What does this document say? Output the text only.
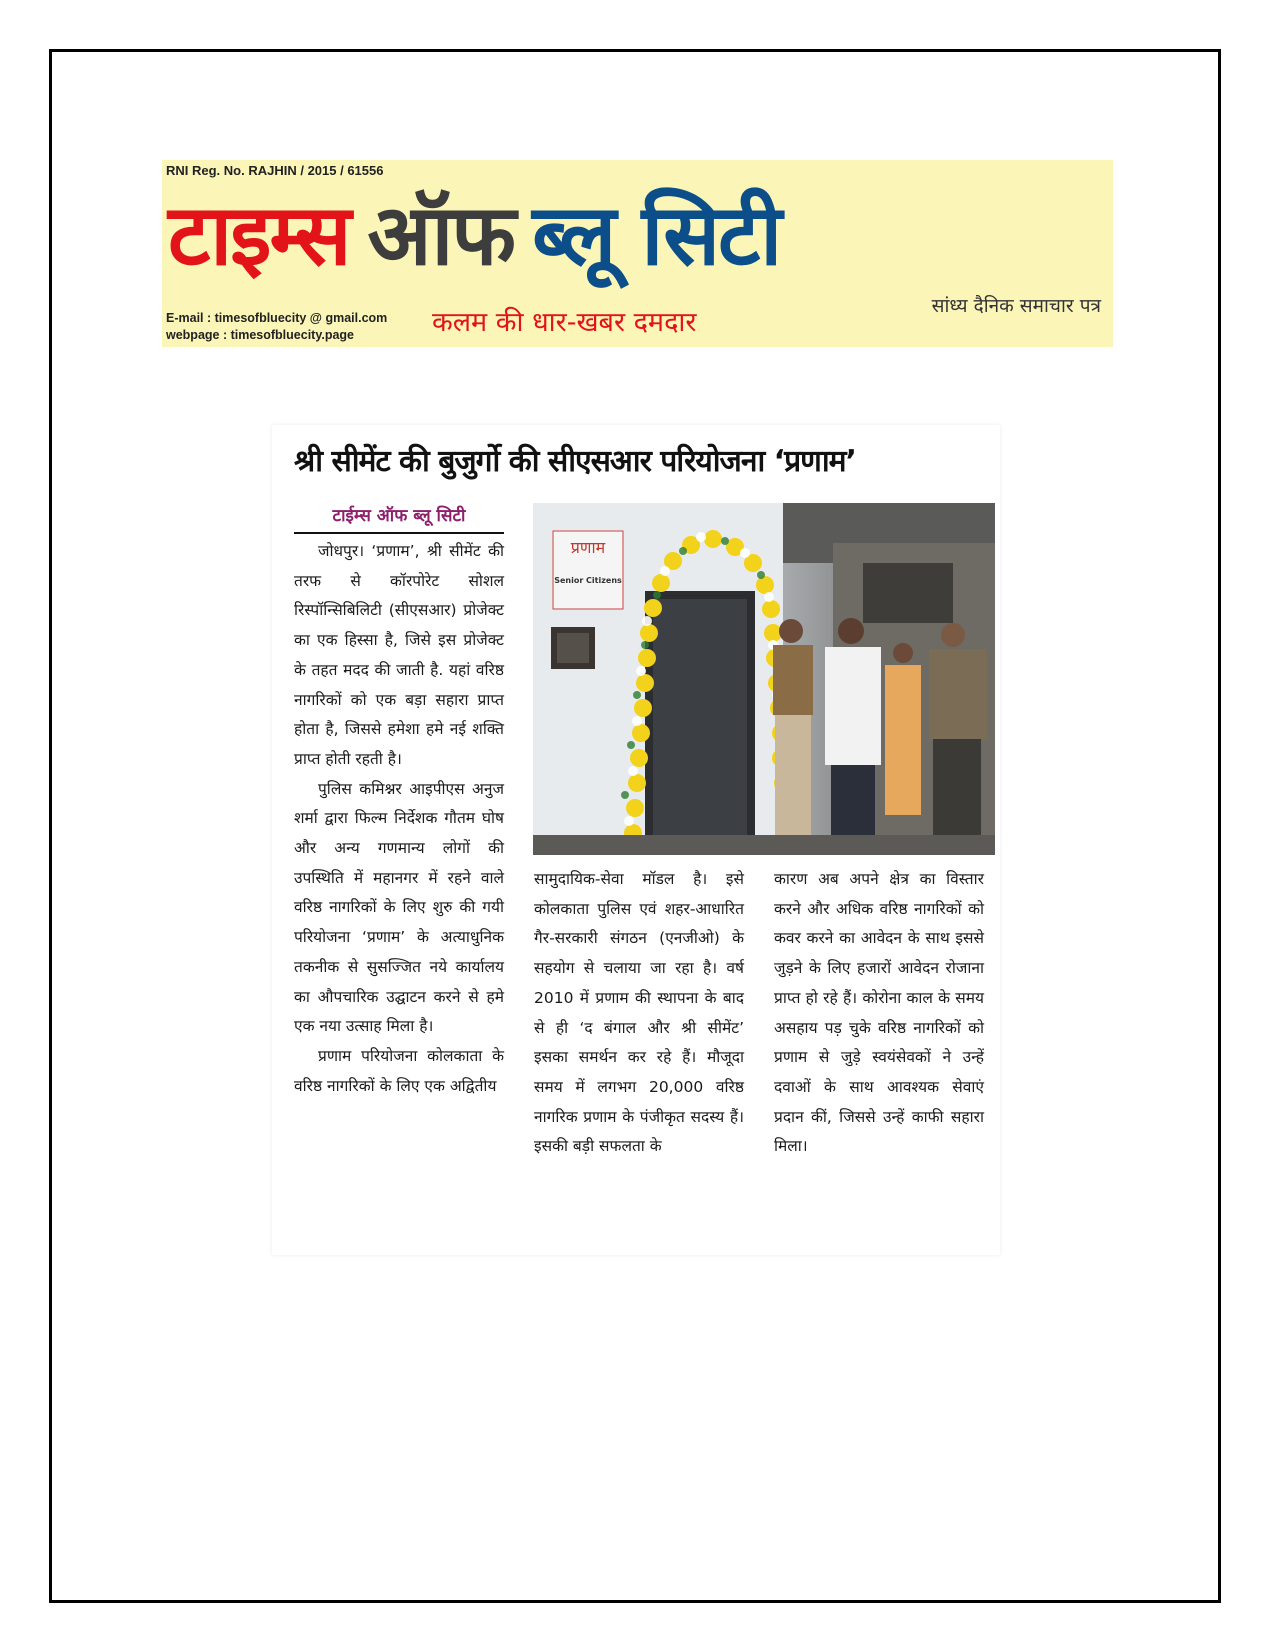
RNI Reg. No. RAJHIN / 2015 / 61556
टाइम्स ऑफ ब्लू सिटी
सांध्य दैनिक समाचार पत्र
E-mail : timesofbluecity @ gmail.com
webpage : timesofbluecity.page	कलम की धार-खबर दमदार
श्री सीमेंट की बुजुर्गो की सीएसआर परियोजना ‘प्रणाम’
टाईम्स ऑफ ब्लू सिटी

जोधपुर। ‘प्रणाम’, श्री सीमेंट की तरफ से कॉरपोरेट सोशल रिस्पॉन्सिबिलिटी (सीएसआर) प्रोजेक्ट का एक हिस्सा है, जिसे इस प्रोजेक्ट के तहत मदद की जाती है. यहां वरिष्ठ नागरिकों को एक बड़ा सहारा प्राप्त होता है, जिससे हमेशा हमे नई शक्ति प्राप्त होती रहती है।

पुलिस कमिश्नर आइपीएस अनुज शर्मा द्वारा फिल्म निर्देशक गौतम घोष और अन्य गणमान्य लोगों की उपस्थिति में महानगर में रहने वाले वरिष्ठ नागरिकों के लिए शुरु की गयी परियोजना ‘प्रणाम’ के अत्याधुनिक तकनीक से सुसज्जित नये कार्यालय का औपचारिक उद्घाटन करने से हमे एक नया उत्साह मिला है।

प्रणाम परियोजना कोलकाता के वरिष्ठ नागरिकों के लिए एक अद्वितीय

प्रणाम
Senior Citizens

सामुदायिक-सेवा मॉडल है। इसे कोलकाता पुलिस एवं शहर-आधारित गैर-सरकारी संगठन (एनजीओ) के सहयोग से चलाया जा रहा है। वर्ष 2010 में प्रणाम की स्थापना के बाद से ही ‘द बंगाल और श्री सीमेंट’ इसका समर्थन कर रहे हैं। मौजूदा समय में लगभग 20,000 वरिष्ठ नागरिक प्रणाम के पंजीकृत सदस्य हैं। इसकी बड़ी सफलता के

कारण अब अपने क्षेत्र का विस्तार करने और अधिक वरिष्ठ नागरिकों को कवर करने का आवेदन के साथ इससे जुड़ने के लिए हजारों आवेदन रोजाना प्राप्त हो रहे हैं। कोरोना काल के समय असहाय पड़ चुके वरिष्ठ नागरिकों को प्रणाम से जुड़े स्वयंसेवकों ने उन्हें दवाओं के साथ आवश्यक सेवाएं प्रदान कीं, जिससे उन्हें काफी सहारा मिला।
